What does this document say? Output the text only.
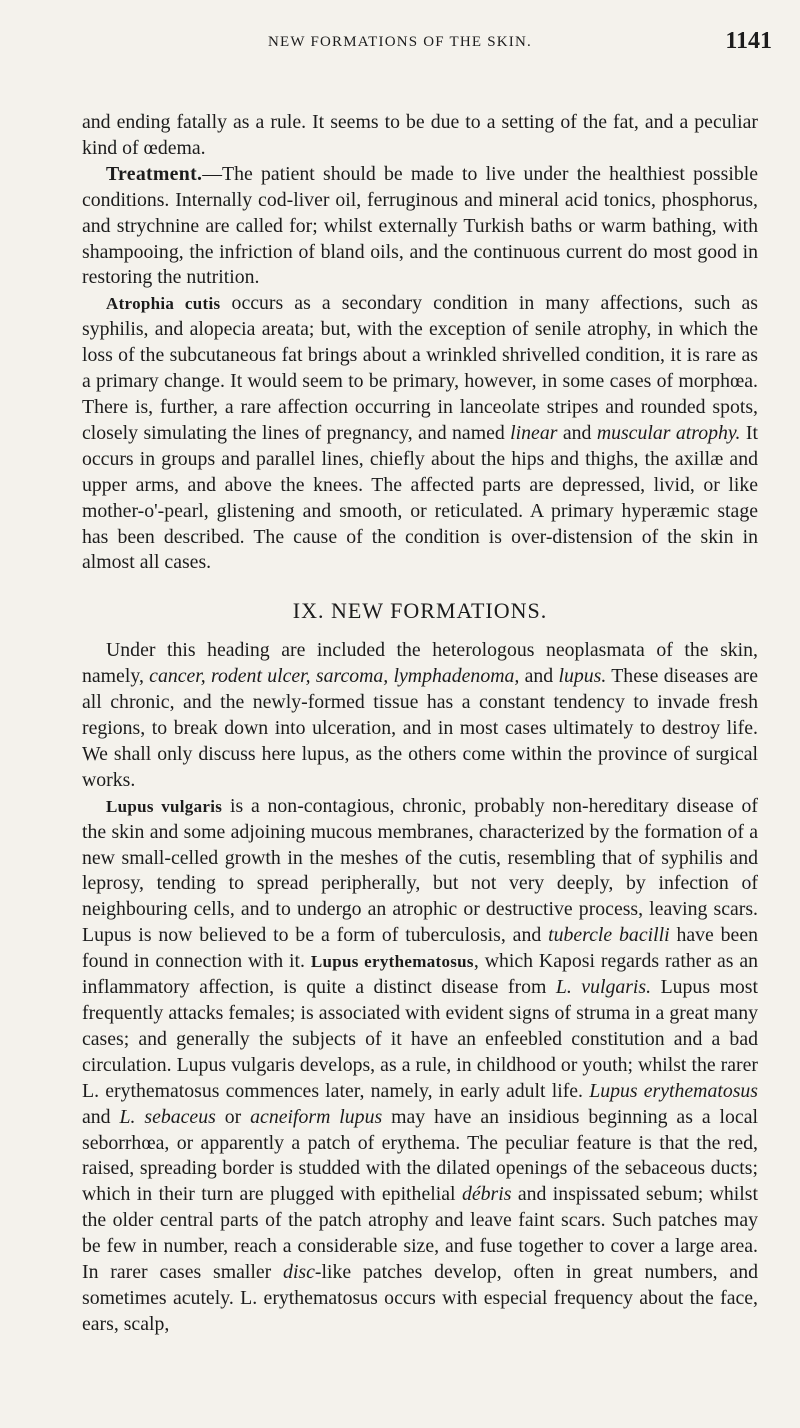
NEW FORMATIONS OF THE SKIN.	1141

and ending fatally as a rule. It seems to be due to a setting of the fat, and a peculiar kind of œdema.

Treatment.—The patient should be made to live under the healthiest possible conditions. Internally cod-liver oil, ferruginous and mineral acid tonics, phosphorus, and strychnine are called for; whilst externally Turkish baths or warm bathing, with shampooing, the infriction of bland oils, and the continuous current do most good in restoring the nutrition.

Atrophia cutis occurs as a secondary condition in many affections, such as syphilis, and alopecia areata; but, with the exception of senile atrophy, in which the loss of the subcutaneous fat brings about a wrinkled shrivelled condition, it is rare as a primary change. It would seem to be primary, however, in some cases of morphœa. There is, further, a rare affection occurring in lanceolate stripes and rounded spots, closely simulating the lines of pregnancy, and named linear and muscular atrophy. It occurs in groups and parallel lines, chiefly about the hips and thighs, the axillæ and upper arms, and above the knees. The affected parts are depressed, livid, or like mother-o'-pearl, glistening and smooth, or reticulated. A primary hyperæmic stage has been described. The cause of the condition is over-distension of the skin in almost all cases.

IX. NEW FORMATIONS.

Under this heading are included the heterologous neoplasmata of the skin, namely, cancer, rodent ulcer, sarcoma, lymphadenoma, and lupus. These diseases are all chronic, and the newly-formed tissue has a constant tendency to invade fresh regions, to break down into ulceration, and in most cases ultimately to destroy life. We shall only discuss here lupus, as the others come within the province of surgical works.

Lupus vulgaris is a non-contagious, chronic, probably non-hereditary disease of the skin and some adjoining mucous membranes, characterized by the formation of a new small-celled growth in the meshes of the cutis, resembling that of syphilis and leprosy, tending to spread peripherally, but not very deeply, by infection of neighbouring cells, and to undergo an atrophic or destructive process, leaving scars. Lupus is now believed to be a form of tuberculosis, and tubercle bacilli have been found in connection with it. Lupus erythematosus, which Kaposi regards rather as an inflammatory affection, is quite a distinct disease from L. vulgaris. Lupus most frequently attacks females; is associated with evident signs of struma in a great many cases; and generally the subjects of it have an enfeebled constitution and a bad circulation. Lupus vulgaris develops, as a rule, in childhood or youth; whilst the rarer L. erythematosus commences later, namely, in early adult life. Lupus erythematosus and L. sebaceus or acneiform lupus may have an insidious beginning as a local seborrhœa, or apparently a patch of erythema. The peculiar feature is that the red, raised, spreading border is studded with the dilated openings of the sebaceous ducts; which in their turn are plugged with epithelial débris and inspissated sebum; whilst the older central parts of the patch atrophy and leave faint scars. Such patches may be few in number, reach a considerable size, and fuse together to cover a large area. In rarer cases smaller disc-like patches develop, often in great numbers, and sometimes acutely. L. erythematosus occurs with especial frequency about the face, ears, scalp,
